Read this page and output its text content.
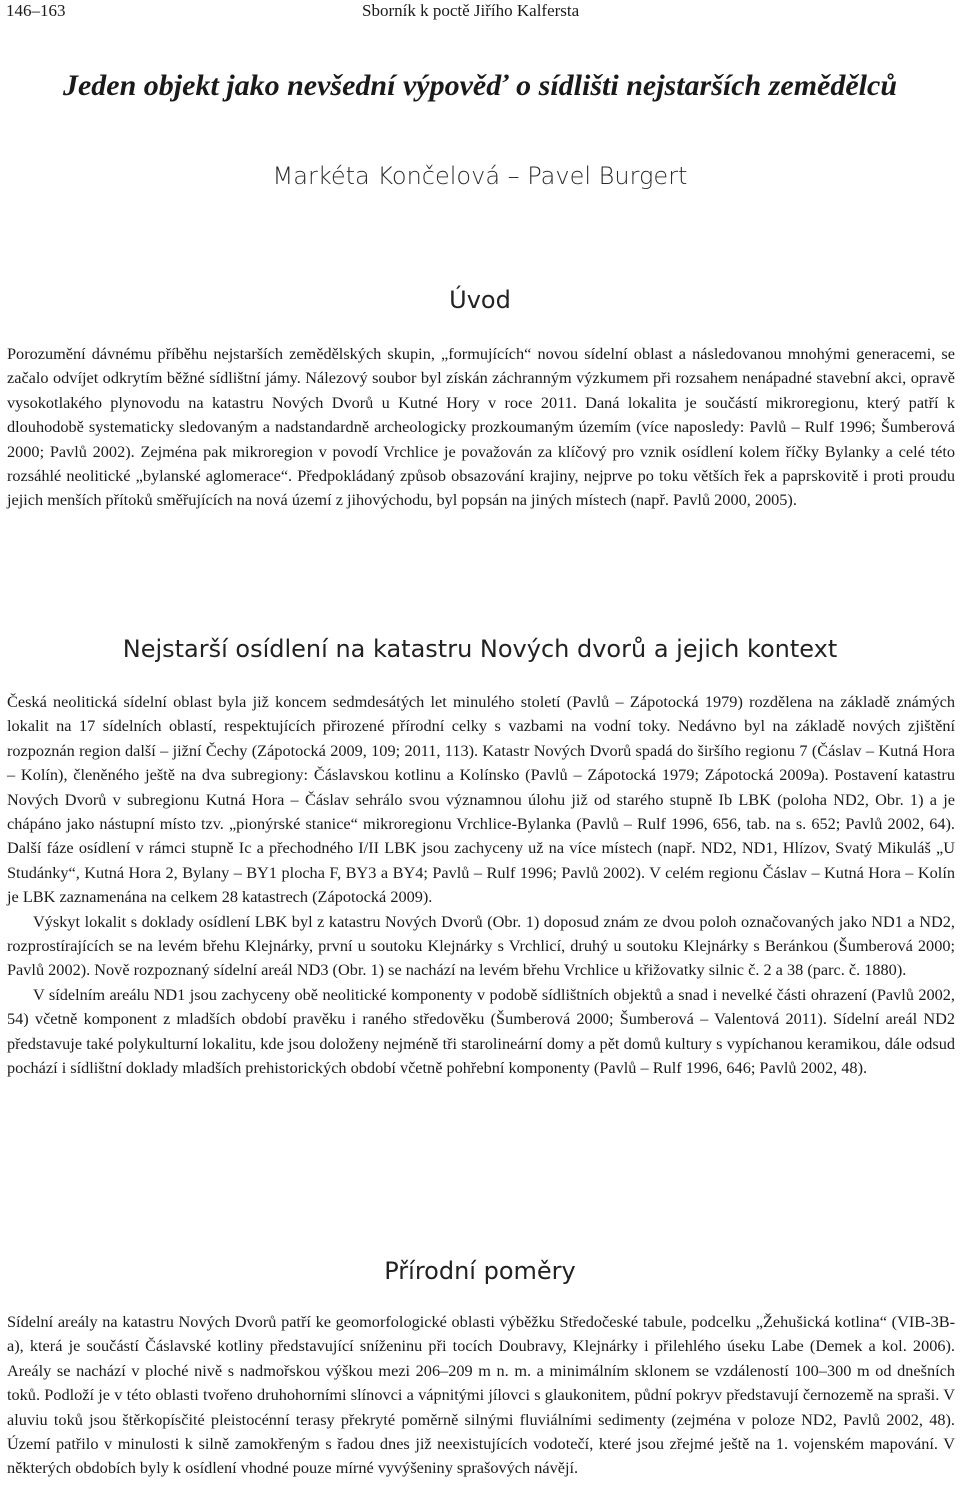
146–163	Sborník k poctě Jiřího Kalfersta
Jeden objekt jako nevšední výpověď o sídlišti nejstarších zemědělců
Markéta Končelová – Pavel Burgert
Úvod

Porozumění dávnému příběhu nejstarších zemědělských skupin, „formujících“ novou sídelní oblast a následovanou mnohými generacemi, se začalo odvíjet odkrytím běžné sídlištní jámy. Nálezový soubor byl získán záchranným výzkumem při rozsahem nenápadné stavební akci, opravě vysokotlakého plynovodu na katastru Nových Dvorů u Kutné Hory v roce 2011. Daná lokalita je součástí mikroregionu, který patří k dlouhodobě systematicky sledovaným a nadstandardně archeologicky prozkoumaným územím (více naposledy: Pavlů – Rulf 1996; Šumberová 2000; Pavlů 2002). Zejména pak mikroregion v povodí Vrchlice je považován za klíčový pro vznik osídlení kolem říčky Bylanky a celé této rozsáhlé neolitické „bylanské aglomerace“. Předpokládaný způsob obsazování krajiny, nejprve po toku větších řek a paprskovitě i proti proudu jejich menších přítoků směřujících na nová území z jihovýchodu, byl popsán na jiných místech (např. Pavlů 2000, 2005).

Nejstarší osídlení na katastru Nových dvorů a jejich kontext

Česká neolitická sídelní oblast byla již koncem sedmdesátých let minulého století (Pavlů – Zápotocká 1979) rozdělena na základě známých lokalit na 17 sídelních oblastí, respektujících přirozené přírodní celky s vazbami na vodní toky. Nedávno byl na základě nových zjištění rozpoznán region další – jižní Čechy (Zápotocká 2009, 109; 2011, 113). Katastr Nových Dvorů spadá do širšího regionu 7 (Čáslav – Kutná Hora – Kolín), členěného ještě na dva subregiony: Čáslavskou kotlinu a Kolínsko (Pavlů – Zápotocká 1979; Zápotocká 2009a). Postavení katastru Nových Dvorů v subregionu Kutná Hora – Čáslav sehrálo svou významnou úlohu již od starého stupně Ib LBK (poloha ND2, Obr. 1) a je chápáno jako nástupní místo tzv. „pionýrské stanice“ mikroregionu Vrchlice-Bylanka (Pavlů – Rulf 1996, 656, tab. na s. 652; Pavlů 2002, 64). Další fáze osídlení v rámci stupně Ic a přechodného I/II LBK jsou zachyceny už na více místech (např. ND2, ND1, Hlízov, Svatý Mikuláš „U Studánky“, Kutná Hora 2, Bylany – BY1 plocha F, BY3 a BY4; Pavlů – Rulf 1996; Pavlů 2002). V celém regionu Čáslav – Kutná Hora – Kolín je LBK zaznamenána na celkem 28 katastrech (Zápotocká 2009).

Výskyt lokalit s doklady osídlení LBK byl z katastru Nových Dvorů (Obr. 1) doposud znám ze dvou poloh označovaných jako ND1 a ND2, rozprostírajících se na levém břehu Klejnárky, první u soutoku Klejnárky s Vrchlicí, druhý u soutoku Klejnárky s Beránkou (Šumberová 2000; Pavlů 2002). Nově rozpoznaný sídelní areál ND3 (Obr. 1) se nachází na levém břehu Vrchlice u křižovatky silnic č. 2 a 38 (parc. č. 1880).

V sídelním areálu ND1 jsou zachyceny obě neolitické komponenty v podobě sídlištních objektů a snad i nevelké části ohrazení (Pavlů 2002, 54) včetně komponent z mladších období pravěku i raného středověku (Šumberová 2000; Šumberová – Valentová 2011). Sídelní areál ND2 představuje také polykulturní lokalitu, kde jsou doloženy nejméně tři starolineární domy a pět domů kultury s vypíchanou keramikou, dále odsud pochází i sídlištní doklady mladších prehistorických období včetně pohřební komponenty (Pavlů – Rulf 1996, 646; Pavlů 2002, 48).

Přírodní poměry

Sídelní areály na katastru Nových Dvorů patří ke geomorfologické oblasti výběžku Středočeské tabule, podcelku „Žehušická kotlina“ (VIB-3B-a), která je součástí Čáslavské kotliny představující sníženinu při tocích Doubravy, Klejnárky i přilehlého úseku Labe (Demek a kol. 2006). Areály se nachází v ploché nivě s nadmořskou výškou mezi 206–209 m n. m. a minimálním sklonem se vzdáleností 100–300 m od dnešních toků. Podloží je v této oblasti tvořeno druhohorními slínovci a vápnitými jílovci s glaukonitem, půdní pokryv představují černozemě na spraši. V aluviu toků jsou štěrkopísčité pleistocénní terasy překryté poměrně silnými fluviálními sedimenty (zejména v poloze ND2, Pavlů 2002, 48). Území patřilo v minulosti k silně zamokřeným s řadou dnes již neexistujících vodotečí, které jsou zřejmé ještě na 1. vojenském mapování. V některých obdobích byly k osídlení vhodné pouze mírné vyvýšeniny sprašových návějí.
